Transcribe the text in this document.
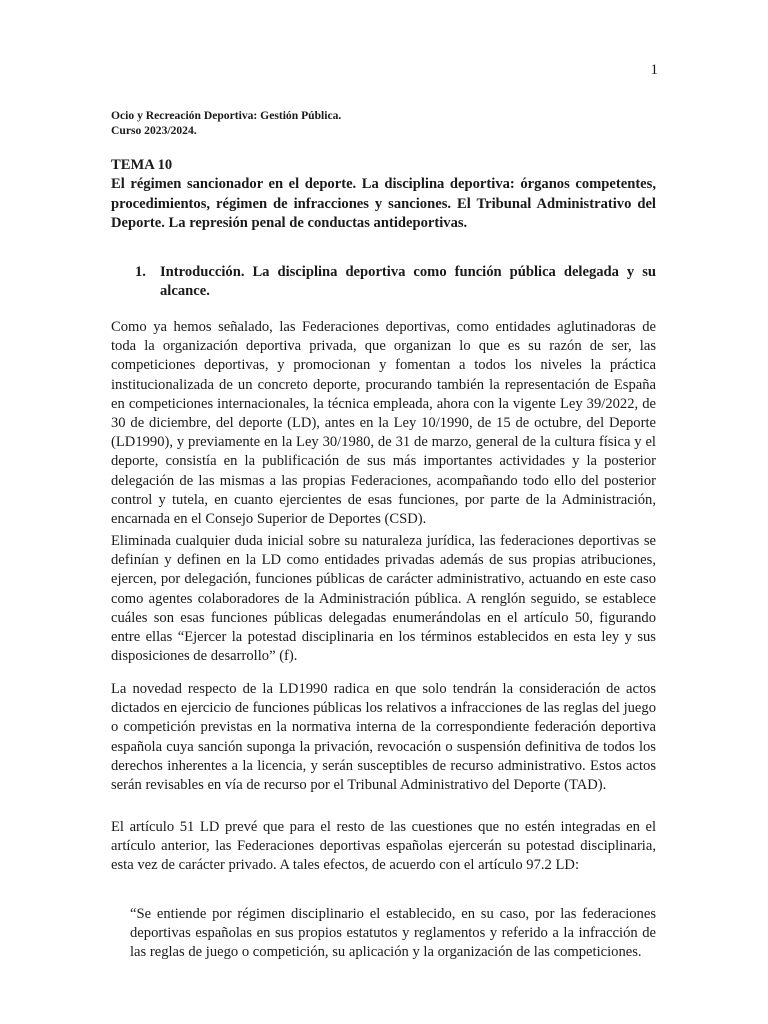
1
Ocio y Recreación Deportiva: Gestión Pública.
Curso 2023/2024.
TEMA 10
El régimen sancionador en el deporte. La disciplina deportiva: órganos competentes, procedimientos, régimen de infracciones y sanciones. El Tribunal Administrativo del Deporte. La represión penal de conductas antideportivas.
1. Introducción. La disciplina deportiva como función pública delegada y su alcance.

Como ya hemos señalado, las Federaciones deportivas, como entidades aglutinadoras de toda la organización deportiva privada, que organizan lo que es su razón de ser, las competiciones deportivas, y promocionan y fomentan a todos los niveles la práctica institucionalizada de un concreto deporte, procurando también la representación de España en competiciones internacionales, la técnica empleada, ahora con la vigente Ley 39/2022, de 30 de diciembre, del deporte (LD), antes en la Ley 10/1990, de 15 de octubre, del Deporte (LD1990), y previamente en la Ley 30/1980, de 31 de marzo, general de la cultura física y el deporte, consistía en la publificación de sus más importantes actividades y la posterior delegación de las mismas a las propias Federaciones, acompañando todo ello del posterior control y tutela, en cuanto ejercientes de esas funciones, por parte de la Administración, encarnada en el Consejo Superior de Deportes (CSD).

Eliminada cualquier duda inicial sobre su naturaleza jurídica, las federaciones deportivas se definían y definen en la LD como entidades privadas además de sus propias atribuciones, ejercen, por delegación, funciones públicas de carácter administrativo, actuando en este caso como agentes colaboradores de la Administración pública. A renglón seguido, se establece cuáles son esas funciones públicas delegadas enumerándolas en el artículo 50, figurando entre ellas “Ejercer la potestad disciplinaria en los términos establecidos en esta ley y sus disposiciones de desarrollo” (f).

La novedad respecto de la LD1990 radica en que solo tendrán la consideración de actos dictados en ejercicio de funciones públicas los relativos a infracciones de las reglas del juego o competición previstas en la normativa interna de la correspondiente federación deportiva española cuya sanción suponga la privación, revocación o suspensión definitiva de todos los derechos inherentes a la licencia, y serán susceptibles de recurso administrativo. Estos actos serán revisables en vía de recurso por el Tribunal Administrativo del Deporte (TAD).

El artículo 51 LD prevé que para el resto de las cuestiones que no estén integradas en el artículo anterior, las Federaciones deportivas españolas ejercerán su potestad disciplinaria, esta vez de carácter privado. A tales efectos, de acuerdo con el artículo 97.2 LD:

“Se entiende por régimen disciplinario el establecido, en su caso, por las federaciones deportivas españolas en sus propios estatutos y reglamentos y referido a la infracción de las reglas de juego o competición, su aplicación y la organización de las competiciones.
